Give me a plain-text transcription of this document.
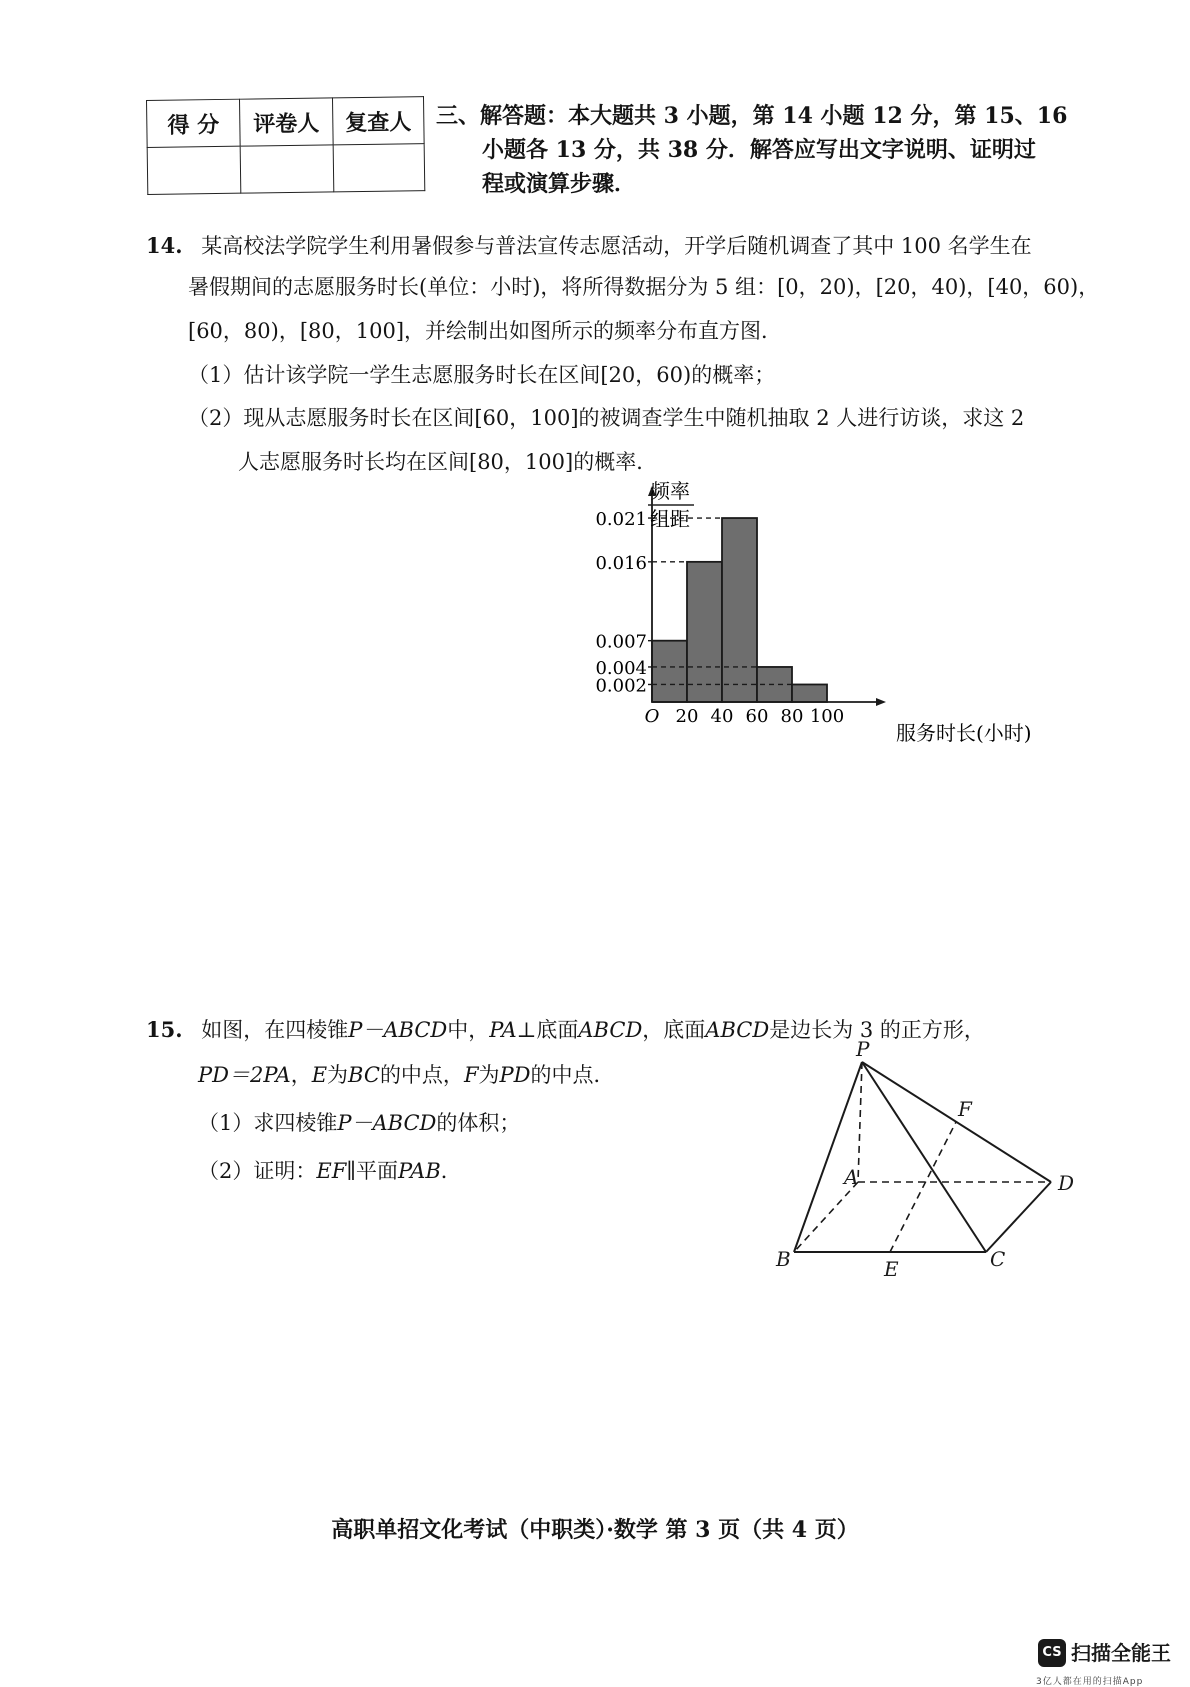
得 分	评卷人	复查人
		三、解答题：本大题共 3 小题，第 14 小题 12 分，第 15、16
小题各 13 分，共 38 分．解答应写出文字说明、证明过
程或演算步骤．
14. 某高校法学院学生利用暑假参与普法宣传志愿活动，开学后随机调查了其中 100 名学生在
暑假期间的志愿服务时长(单位：小时)，将所得数据分为 5 组：[0，20)，[20，40)，[40，60)，
[60，80)，[80，100]，并绘制出如图所示的频率分布直方图．
（1）估计该学院一学生志愿服务时长在区间[20，60)的概率；
（2）现从志愿服务时长在区间[60，100]的被调查学生中随机抽取 2 人进行访谈，求这 2
人志愿服务时长均在区间[80，100]的概率．
0.021
0.016
0.007
0.004
0.002
O 20 40 60 80 100
频率
组距
服务时长(小时)
15. 如图，在四棱锥P－ABCD中，PA⊥底面ABCD，底面ABCD是边长为 3 的正方形，
PD＝2PA，E为BC的中点，F为PD的中点．
（1）求四棱锥P－ABCD的体积；
（2）证明：EF∥平面PAB．
P
A
B	C
D
E
F
高职单招文化考试（中职类）·数学 第 3 页（共 4 页）
CS 扫描全能王
3亿人都在用的扫描App
